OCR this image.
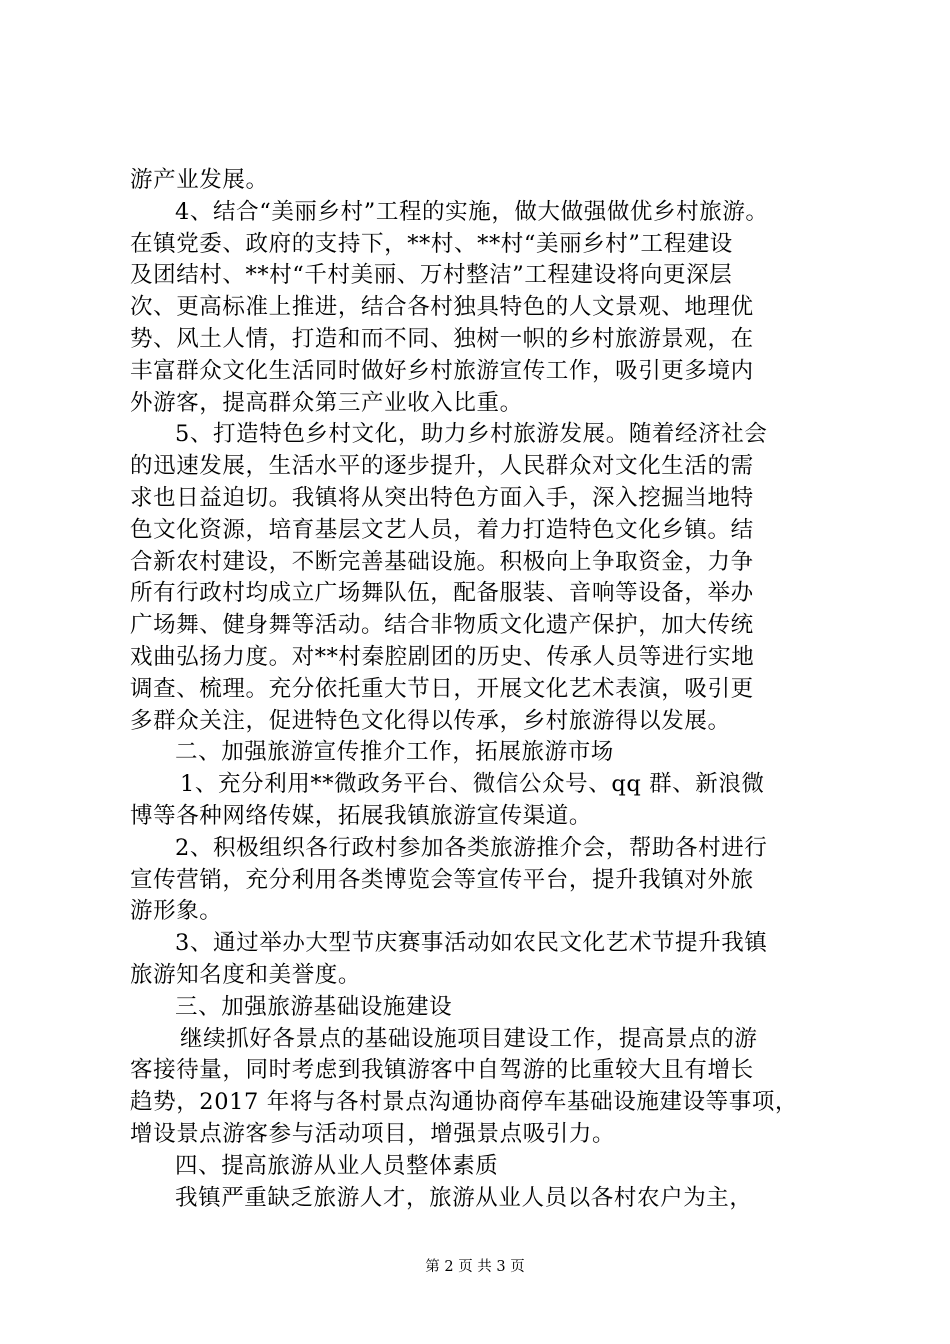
游产业发展。
4、结合“美丽乡村”工程的实施，做大做强做优乡村旅游。
在镇党委、政府的支持下，**村、**村“美丽乡村”工程建设
及团结村、**村“千村美丽、万村整洁”工程建设将向更深层
次、更高标准上推进，结合各村独具特色的人文景观、地理优
势、风土人情，打造和而不同、独树一帜的乡村旅游景观，在
丰富群众文化生活同时做好乡村旅游宣传工作，吸引更多境内
外游客，提高群众第三产业收入比重。
5、打造特色乡村文化，助力乡村旅游发展。随着经济社会
的迅速发展，生活水平的逐步提升，人民群众对文化生活的需
求也日益迫切。我镇将从突出特色方面入手，深入挖掘当地特
色文化资源，培育基层文艺人员，着力打造特色文化乡镇。结
合新农村建设，不断完善基础设施。积极向上争取资金，力争
所有行政村均成立广场舞队伍，配备服装、音响等设备，举办
广场舞、健身舞等活动。结合非物质文化遗产保护，加大传统
戏曲弘扬力度。对**村秦腔剧团的历史、传承人员等进行实地
调查、梳理。充分依托重大节日，开展文化艺术表演，吸引更
多群众关注，促进特色文化得以传承，乡村旅游得以发展。
二、加强旅游宣传推介工作，拓展旅游市场
1、充分利用**微政务平台、微信公众号、qq 群、新浪微
博等各种网络传媒，拓展我镇旅游宣传渠道。
2、积极组织各行政村参加各类旅游推介会，帮助各村进行
宣传营销，充分利用各类博览会等宣传平台，提升我镇对外旅
游形象。
3、通过举办大型节庆赛事活动如农民文化艺术节提升我镇
旅游知名度和美誉度。
三、加强旅游基础设施建设
继续抓好各景点的基础设施项目建设工作，提高景点的游
客接待量，同时考虑到我镇游客中自驾游的比重较大且有增长
趋势，2017 年将与各村景点沟通协商停车基础设施建设等事项，
增设景点游客参与活动项目，增强景点吸引力。
四、提高旅游从业人员整体素质
我镇严重缺乏旅游人才，旅游从业人员以各村农户为主，
第 2 页 共 3 页
